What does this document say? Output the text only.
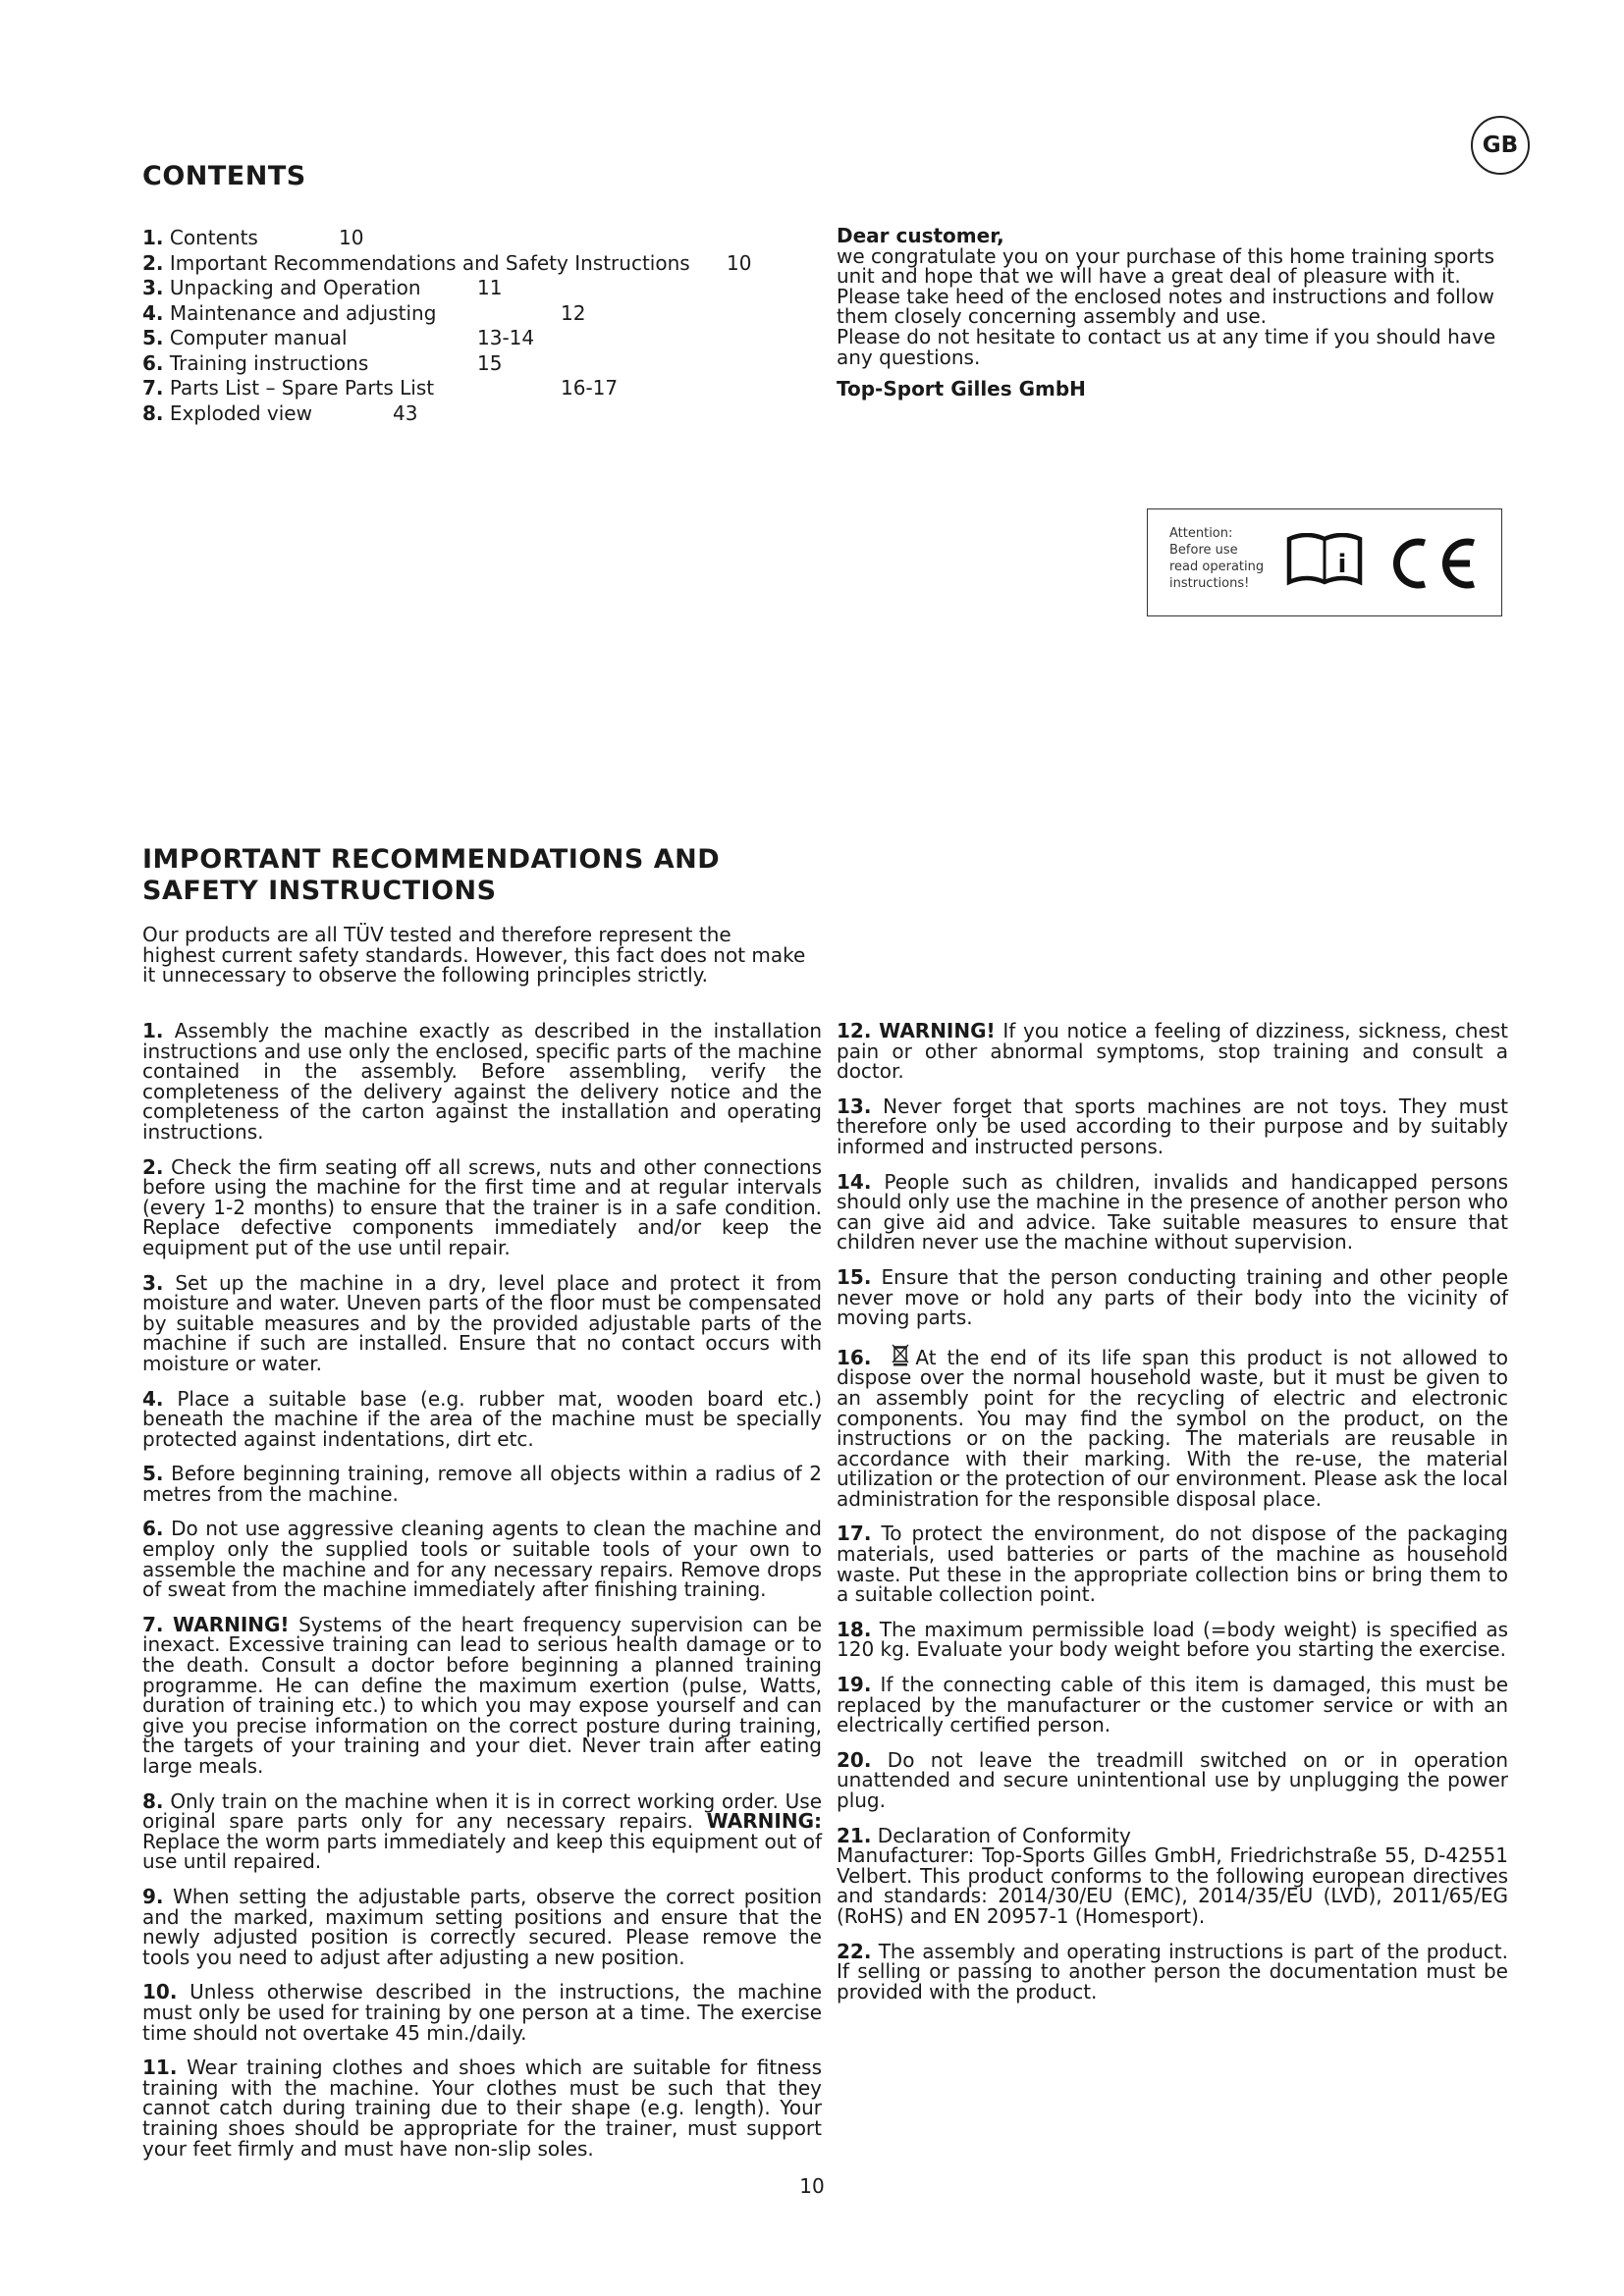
CONTENTS
GB
1. Contents	10
2. Important Recommendations and Safety Instructions 10
3. Unpacking and Operation	11
4. Maintenance and adjusting	12
5. Computer manual	13-14
6. Training instructions	15
7. Parts List – Spare Parts List	16-17
8. Exploded view	43
Dear customer,
we congratulate you on your purchase of this home training sports unit and hope that we will have a great deal of pleasure with it. Please take heed of the enclosed notes and instructions and follow them closely concerning assembly and use.
Please do not hesitate to contact us at any time if you should have any questions.
Top-Sport Gilles GmbH
Attention:
Before use
read operating
instructions!
i
IMPORTANT RECOMMENDATIONS AND
SAFETY INSTRUCTIONS
Our products are all TÜV tested and therefore represent the highest current safety standards. However, this fact does not make it unnecessary to observe the following principles strictly.
1. Assembly the machine exactly as described in the installation instructions and use only the enclosed, specific parts of the machine contained in the assembly. Before assembling, verify the completeness of the delivery against the delivery notice and the completeness of the carton against the installation and operating instructions.
2. Check the firm seating off all screws, nuts and other connections before using the machine for the first time and at regular intervals (every 1-2 months) to ensure that the trainer is in a safe condition. Replace defective components immediately and/or keep the equipment put of the use until repair.
3. Set up the machine in a dry, level place and protect it from moisture and water. Uneven parts of the floor must be compensated by suitable measures and by the provided adjustable parts of the machine if such are installed. Ensure that no contact occurs with moisture or water.
4. Place a suitable base (e.g. rubber mat, wooden board etc.) beneath the machine if the area of the machine must be specially protected against indentations, dirt etc.
5. Before beginning training, remove all objects within a radius of 2 metres from the machine.
6. Do not use aggressive cleaning agents to clean the machine and employ only the supplied tools or suitable tools of your own to assemble the machine and for any necessary repairs. Remove drops of sweat from the machine immediately after finishing training.
7. WARNING! Systems of the heart frequency supervision can be inexact. Excessive training can lead to serious health damage or to the death. Consult a doctor before beginning a planned training programme. He can define the maximum exertion (pulse, Watts, duration of training etc.) to which you may expose yourself and can give you precise information on the correct posture during training, the targets of your training and your diet. Never train after eating large meals.
8. Only train on the machine when it is in correct working order. Use original spare parts only for any necessary repairs. WARNING: Replace the worm parts immediately and keep this equipment out of use until repaired.
9. When setting the adjustable parts, observe the correct position and the marked, maximum setting positions and ensure that the newly adjusted position is correctly secured. Please remove the tools you need to adjust after adjusting a new position.
10. Unless otherwise described in the instructions, the machine must only be used for training by one person at a time. The exercise time should not overtake 45 min./daily.
11. Wear training clothes and shoes which are suitable for fitness training with the machine. Your clothes must be such that they cannot catch during training due to their shape (e.g. length). Your training shoes should be appropriate for the trainer, must support your feet firmly and must have non-slip soles.
12. WARNING! If you notice a feeling of dizziness, sickness, chest pain or other abnormal symptoms, stop training and consult a doctor.
13. Never forget that sports machines are not toys. They must therefore only be used according to their purpose and by suitably informed and instructed persons.
14. People such as children, invalids and handicapped persons should only use the machine in the presence of another person who can give aid and advice. Take suitable measures to ensure that children never use the machine without supervision.
15. Ensure that the person conducting training and other people never move or hold any parts of their body into the vicinity of moving parts.
16. At the end of its life span this product is not allowed to dispose over the normal household waste, but it must be given to an assembly point for the recycling of electric and electronic components. You may find the symbol on the product, on the instructions or on the packing. The materials are reusable in accordance with their marking. With the re-use, the material utilization or the protection of our environment. Please ask the local administration for the responsible disposal place.
17. To protect the environment, do not dispose of the packaging materials, used batteries or parts of the machine as household waste. Put these in the appropriate collection bins or bring them to a suitable collection point.
18. The maximum permissible load (=body weight) is specified as 120 kg. Evaluate your body weight before you starting the exercise.
19. If the connecting cable of this item is damaged, this must be replaced by the manufacturer or the customer service or with an electrically certified person.
20. Do not leave the treadmill switched on or in operation unattended and secure unintentional use by unplugging the power plug.
21. Declaration of Conformity
Manufacturer: Top-Sports Gilles GmbH, Friedrichstraße 55, D-42551 Velbert. This product conforms to the following european directives and standards: 2014/30/EU (EMC), 2014/35/EU (LVD), 2011/65/EG (RoHS) and EN 20957-1 (Homesport).
22. The assembly and operating instructions is part of the product. If selling or passing to another person the documentation must be provided with the product.
10
